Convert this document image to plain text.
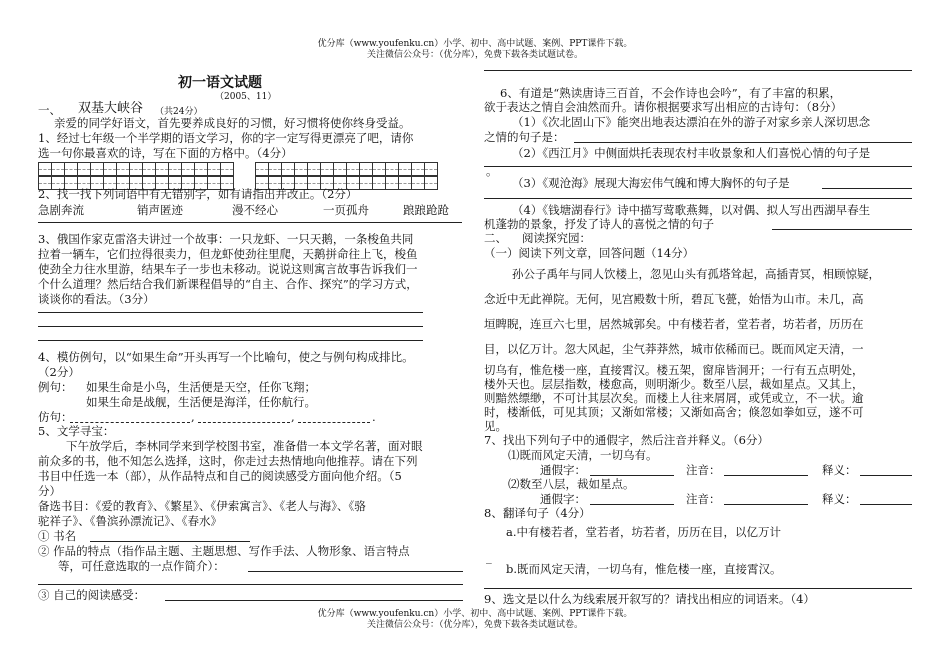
优分库（www.youfenku.cn）小学、初中、高中试题、案例、PPT课件下载。
关注微信公众号：（优分库），免费下载各类试题试卷。
初一语文试题
（2005、11）
一、 双基大峡谷 （共24分）
亲爱的同学好语文，首先要养成良好的习惯，好习惯将使你终身受益。
1、经过七年级一个半学期的语文学习，你的字一定写得更漂亮了吧，请你
选一句你最喜欢的诗，写在下面的方格中。（4分）
2、找一找下列词语中有无错别字，如有请指出并改正。（2分）
急剧奔流	销声匿迹	漫不经心	一页孤舟	踉踉跄跄
3、俄国作家克雷洛夫讲过一个故事：一只龙虾、一只天鹅，一条梭鱼共同
拉着一辆车，它们拉得很卖力，但龙虾使劲往里爬，天鹅拼命往上飞，梭鱼
使劲全力往水里游，结果车子一步也未移动。说说这则寓言故事告诉我们一
个什么道理？然后结合我们新课程倡导的“自主、合作、探究”的学习方式，
谈谈你的看法。（3分）
4、模仿例句，以“如果生命”开头再写一个比喻句，使之与例句构成排比。
（2分）
例句： 如果生命是小鸟，生活便是天空，任你飞翔；
如果生命是战舰，生活便是海洋，任你航行。
仿句：	,	,	.
5、文学寻宝：
下午放学后，李林同学来到学校图书室，准备借一本文学名著，面对眼
前众多的书，他不知怎么选择，这时，你走过去热情地向他推荐。请在下列
书目中任选一本（部），从作品特点和自己的阅读感受方面向他介绍。（5
分）
备选书目：《爱的教育》、《繁星》、《伊索寓言》、《老人与海》、《骆
驼祥子》、《鲁滨孙漂流记》、《春水》
① 书名
② 作品的特点（指作品主题、主题思想、写作手法、人物形象、语言特点
等，可任意选取的一点作简介）：
③ 自己的阅读感受：
6、有道是“熟读唐诗三百首，不会作诗也会吟”，有了丰富的积累，
欲于表达之情自会油然而升。请你根据要求写出相应的古诗句：（8分）
（1）《次北固山下》能突出地表达漂泊在外的游子对家乡亲人深切思念
之情的句子是：
（2）《西江月》中侧面烘托表现农村丰收景象和人们喜悦心情的句子是
。
（3）《观沧海》展现大海宏伟气魄和博大胸怀的句子是
（4）《钱塘湖春行》诗中描写莺歌燕舞，以对偶、拟人写出西湖早春生
机蓬勃的景象，抒发了诗人的喜悦之情的句子
二、 阅读探究园：
（一）阅读下列文章，回答问题（14分）
孙公子禹年与同人饮楼上，忽见山头有孤塔耸起，高插青冥，相顾惊疑，
念近中无此禅院。无何，见宫殿数十所，碧瓦飞甍，始悟为山市。未几，高
垣睥睨，连亘六七里，居然城郭矣。中有楼若者，堂若者，坊若者，历历在
目，以亿万计。忽大风起，尘气莽莽然，城市依稀而已。既而风定天清，一
切乌有，惟危楼一座，直接霄汉。楼五架，窗扉皆洞开；一行有五点明处，
楼外天也。层层指数，楼愈高，则明渐少。数至八层，裁如星点。又其上，
则黯然缥缈，不可计其层次矣。而楼上人往来屑屑，或凭或立，不一状。逾
时，楼渐低，可见其顶；又渐如常楼；又渐如高舍；倏忽如拳如豆，遂不可
见。
7、找出下列句子中的通假字，然后注音并释义。（6分）
⑴既而风定天清，一切乌有。
通假字：	注音：	释义：
⑵数至八层，裁如星点。
通假字：	注音：	释义：
8、翻译句子（4分）
a.中有楼若者，堂若者，坊若者，历历在目，以亿万计
_
b.既而风定天清，一切乌有，惟危楼一座，直接霄汉。
9、选文是以什么为线索展开叙写的？请找出相应的词语来。（4）
优分库（www.youfenku.cn）小学、初中、高中试题、案例、PPT课件下载。
关注微信公众号：（优分库），免费下载各类试题试卷。
